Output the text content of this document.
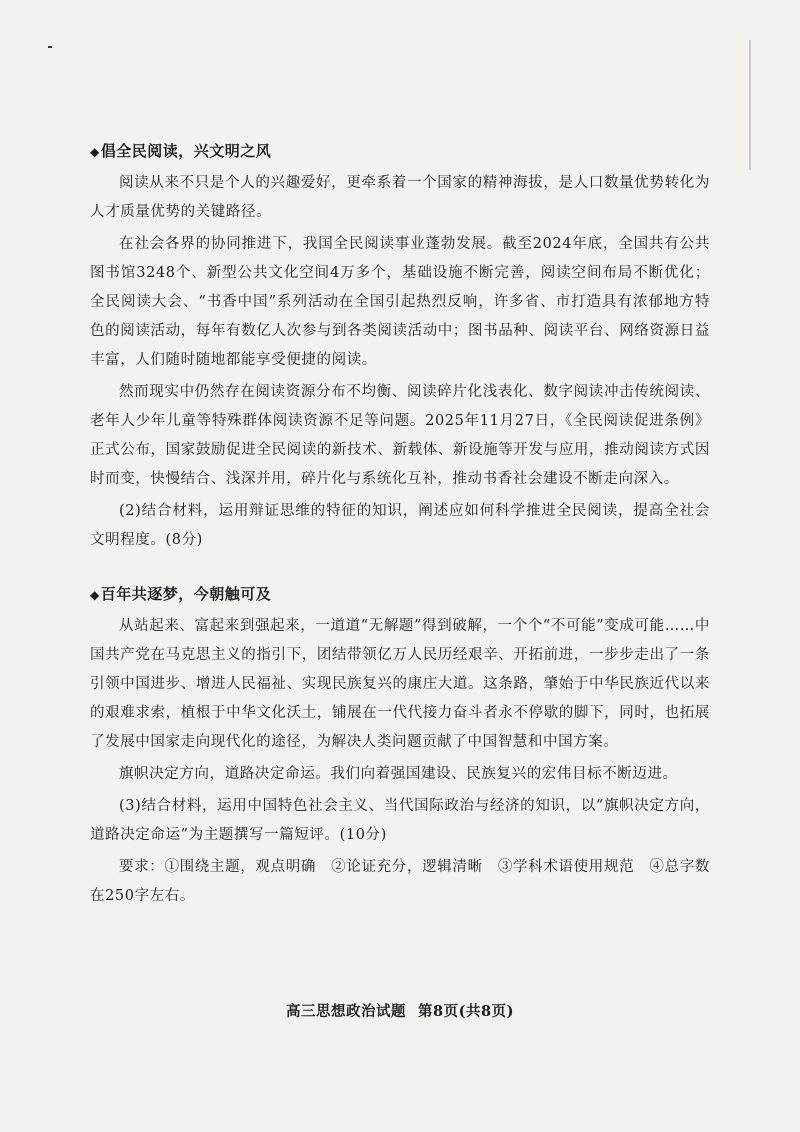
◆倡全民阅读，兴文明之风

阅读从来不只是个人的兴趣爱好，更牵系着一个国家的精神海拔，是人口数量优势转化为人才质量优势的关键路径。

在社会各界的协同推进下，我国全民阅读事业蓬勃发展。截至2024年底，全国共有公共图书馆3248个、新型公共文化空间4万多个，基础设施不断完善，阅读空间布局不断优化；全民阅读大会、“书香中国”系列活动在全国引起热烈反响，许多省、市打造具有浓郁地方特色的阅读活动，每年有数亿人次参与到各类阅读活动中；图书品种、阅读平台、网络资源日益丰富，人们随时随地都能享受便捷的阅读。

然而现实中仍然存在阅读资源分布不均衡、阅读碎片化浅表化、数字阅读冲击传统阅读、老年人少年儿童等特殊群体阅读资源不足等问题。2025年11月27日，《全民阅读促进条例》正式公布，国家鼓励促进全民阅读的新技术、新载体、新设施等开发与应用，推动阅读方式因时而变，快慢结合、浅深并用，碎片化与系统化互补，推动书香社会建设不断走向深入。

(2)结合材料，运用辩证思维的特征的知识，阐述应如何科学推进全民阅读，提高全社会文明程度。(8分)

◆百年共逐梦，今朝触可及

从站起来、富起来到强起来，一道道“无解题”得到破解，一个个“不可能”变成可能……中国共产党在马克思主义的指引下，团结带领亿万人民历经艰辛、开拓前进，一步步走出了一条引领中国进步、增进人民福祉、实现民族复兴的康庄大道。这条路，肇始于中华民族近代以来的艰难求索，植根于中华文化沃土，铺展在一代代接力奋斗者永不停歇的脚下，同时，也拓展了发展中国家走向现代化的途径，为解决人类问题贡献了中国智慧和中国方案。

旗帜决定方向，道路决定命运。我们向着强国建设、民族复兴的宏伟目标不断迈进。

(3)结合材料，运用中国特色社会主义、当代国际政治与经济的知识，以“旗帜决定方向，道路决定命运”为主题撰写一篇短评。(10分)

要求：①围绕主题，观点明确　②论证充分，逻辑清晰　③学科术语使用规范　④总字数在250字左右。

高三思想政治试题 第8页(共8页)
